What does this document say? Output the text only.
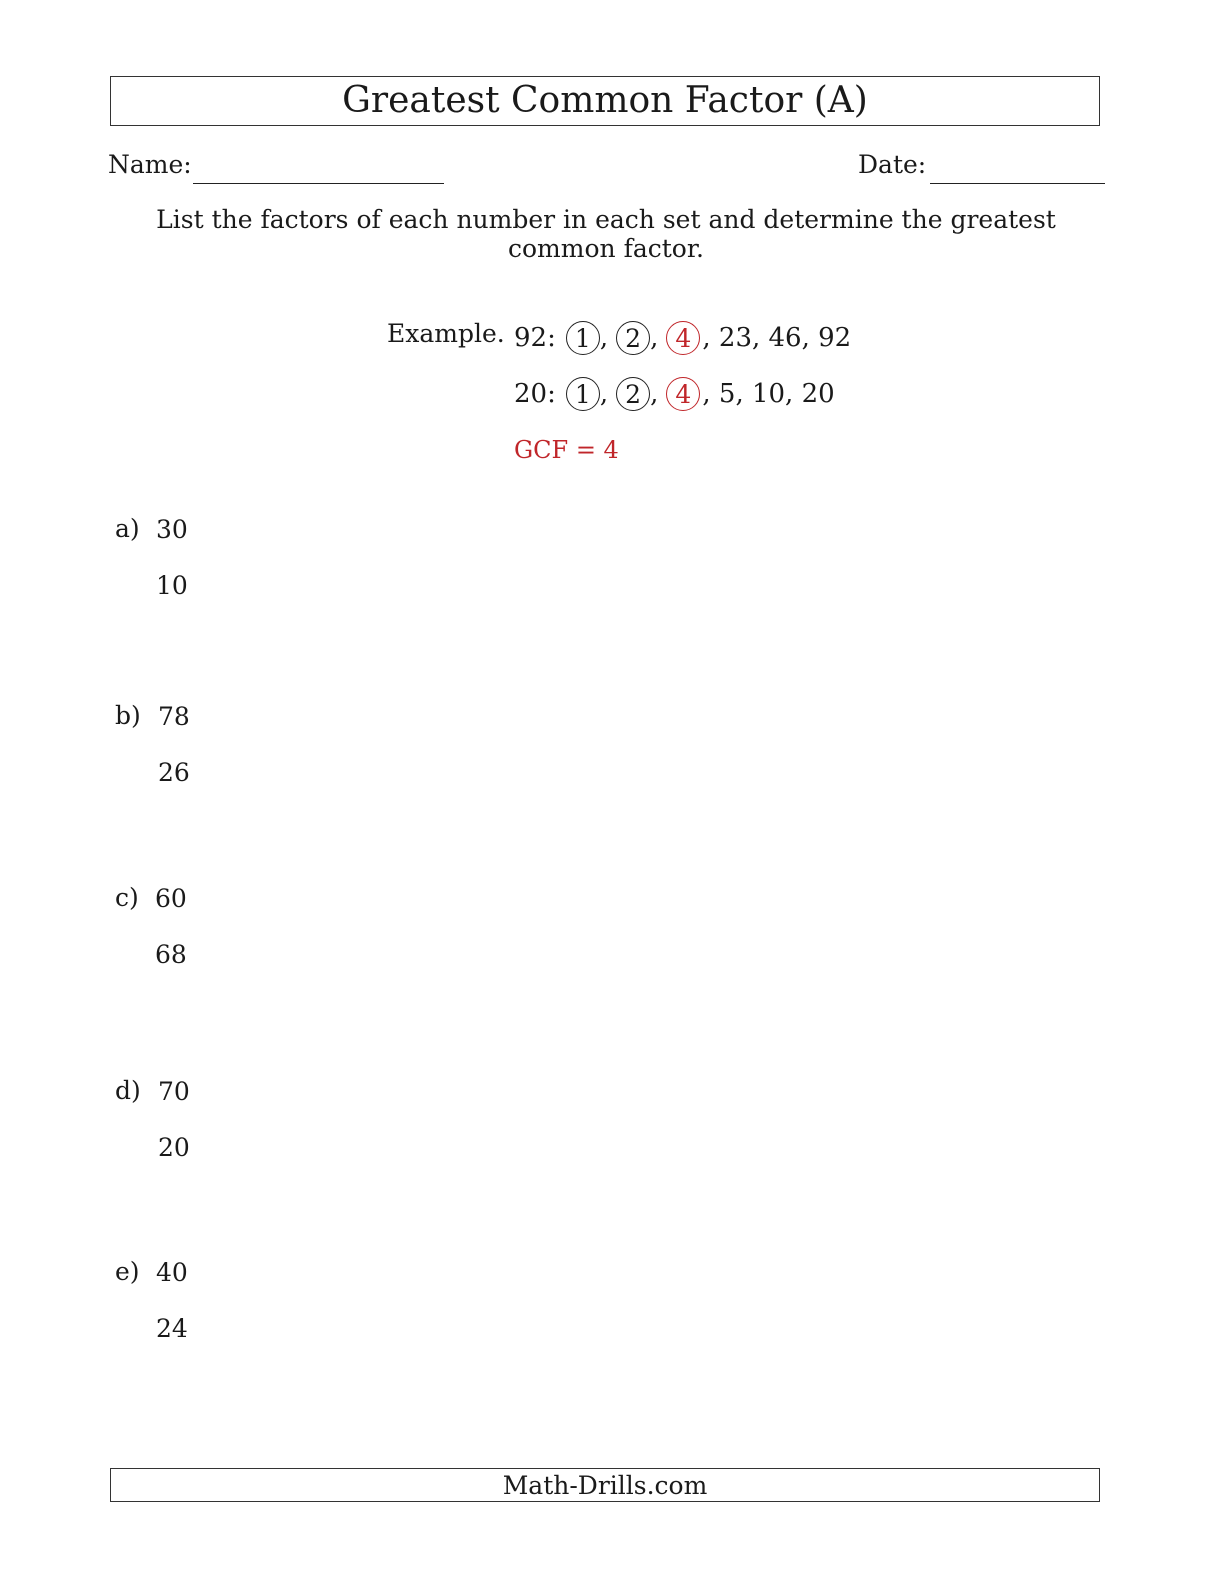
Greatest Common Factor (A)
Name:	Date:
List the factors of each number in each set and determine the greatest common factor.
Example. 92: 1 , 2 , 4 , 23, 46, 92
20: 1 , 2 , 4 , 5, 10, 20
GCF = 4
a) 30
10
b) 78
26
c) 60
68
d) 70
20
e) 40
24
Math-Drills.com
